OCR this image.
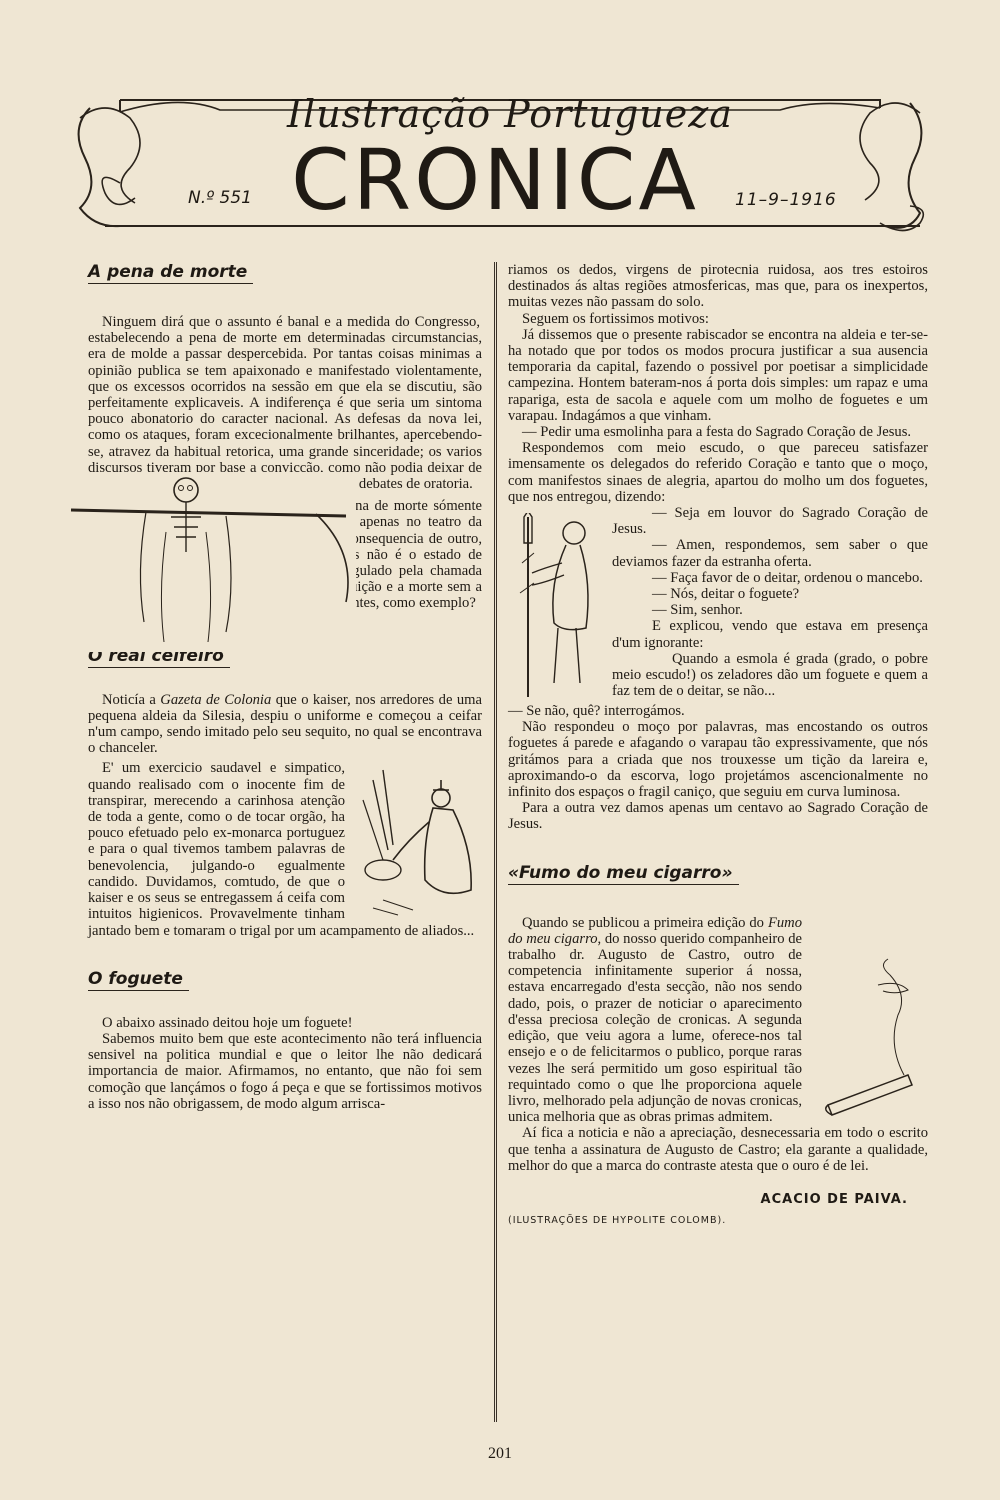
Ilustração Portugueza
CRONICA
N.º 551	11–9–1916
A pena de morte

Ninguem dirá que o assunto é banal e a medida do Congresso, estabelecendo a pena de morte em determinadas circumstancias, era de molde a passar despercebida. Por tantas coisas minimas a opinião publica se tem apaixonado e manifestado violentamente, que os excessos ocorridos na sessão em que ela se discutiu, são perfeitamente explicaveis. A indiferença é que seria um sintoma pouco abonatorio do caracter nacional. As defesas da nova lei, como os ataques, foram excecionalmente brilhantes, apercebendo-se, atravez da habitual retorica, uma grande sinceridade; os varios discursos tiveram por base a convicção, como não podia deixar de ser, porque a vida humana não é frioleira para debates de oratoria.

Por fim a lei votou-se, aprovando-se a pena de morte sómente em caso de guerra com paiz estrangeiro e apenas no teatro da guerra, isto é, sancionou-se um mal que é consequencia de outro, que os codigos tambem não regeitam. Pois não é o estado de guerra um facto unanimemente aceite e regulado pela chamada civilisação e n'ele não se proclamam a destruição e a morte sem a desculpa da sua necessidade como pena, ou antes, como exemplo?

O real ceifeiro

Noticía a Gazeta de Colonia que o kaiser, nos arredores de uma pequena aldeia da Silesia, despiu o uniforme e começou a ceifar n'um campo, sendo imitado pelo seu sequito, no qual se encontrava o chanceler.

E' um exercicio saudavel e simpatico, quando realisado com o inocente fim de transpirar, merecendo a carinhosa atenção de toda a gente, como o de tocar orgão, ha pouco efetuado pelo ex-monarca portuguez e para o qual tivemos tambem palavras de benevolencia, julgando-o egualmente candido. Duvidamos, comtudo, de que o kaiser e os seus se entregassem á ceifa com intuitos higienicos. Provavelmente tinham jantado bem e tomaram o trigal por um acampamento de aliados...

O foguete

O abaixo assinado deitou hoje um foguete!

Sabemos muito bem que este acontecimento não terá influencia sensivel na politica mundial e que o leitor lhe não dedicará importancia de maior. Afirmamos, no entanto, que não foi sem comoção que lançámos o fogo á peça e que se fortissimos motivos a isso nos não obrigassem, de modo algum arrisca-

riamos os dedos, virgens de pirotecnia ruidosa, aos tres estoiros destinados ás altas regiões atmosfericas, mas que, para os inexpertos, muitas vezes não passam do solo.

Seguem os fortissimos motivos:

Já dissemos que o presente rabiscador se encontra na aldeia e ter-se-ha notado que por todos os modos procura justificar a sua ausencia temporaria da capital, fazendo o possivel por poetisar a simplicidade campezina. Hontem bateram-nos á porta dois simples: um rapaz e uma rapariga, esta de sacola e aquele com um molho de foguetes e um varapau. Indagámos a que vinham.

— Pedir uma esmolinha para a festa do Sagrado Coração de Jesus.

Respondemos com meio escudo, o que pareceu satisfazer imensamente os delegados do referido Coração e tanto que o moço, com manifestos sinaes de alegria, apartou do molho um dos foguetes, que nos entregou, dizendo:

— Seja em louvor do Sagrado Coração de Jesus.

— Amen, respondemos, sem saber o que deviamos fazer da estranha oferta.

— Faça favor de o deitar, ordenou o mancebo.

— Nós, deitar o foguete?

— Sim, senhor.

E explicou, vendo que estava em presença d'um ignorante:

Quando a esmola é grada (grado, o pobre meio escudo!) os zeladores dão um foguete e quem a faz tem de o deitar, se não...

— Se não, quê? interrogámos.

Não respondeu o moço por palavras, mas encostando os outros foguetes á parede e afagando o varapau tão expressivamente, que nós gritámos para a criada que nos trouxesse um tição da lareira e, aproximando-o da escorva, logo projetámos ascencionalmente no infinito dos espaços o fragil caniço, que seguiu em curva luminosa.

Para a outra vez damos apenas um centavo ao Sagrado Coração de Jesus.

«Fumo do meu cigarro»

Quando se publicou a primeira edição do Fumo do meu cigarro, do nosso querido companheiro de trabalho dr. Augusto de Castro, outro de competencia infinitamente superior á nossa, estava encarregado d'esta secção, não nos sendo dado, pois, o prazer de noticiar o aparecimento d'essa preciosa coleção de cronicas. A segunda edição, que veiu agora a lume, oferece-nos tal ensejo e o de felicitarmos o publico, porque raras vezes lhe será permitido um goso espiritual tão requintado como o que lhe proporciona aquele livro, melhorado pela adjunção de novas cronicas, unica melhoria que as obras primas admitem.

Aí fica a noticia e não a apreciação, desnecessaria em todo o escrito que tenha a assinatura de Augusto de Castro; ela garante a qualidade, melhor do que a marca do contraste atesta que o ouro é de lei.

ACACIO DE PAIVA.
(ILUSTRAÇÕES DE HYPOLITE COLOMB).
201
